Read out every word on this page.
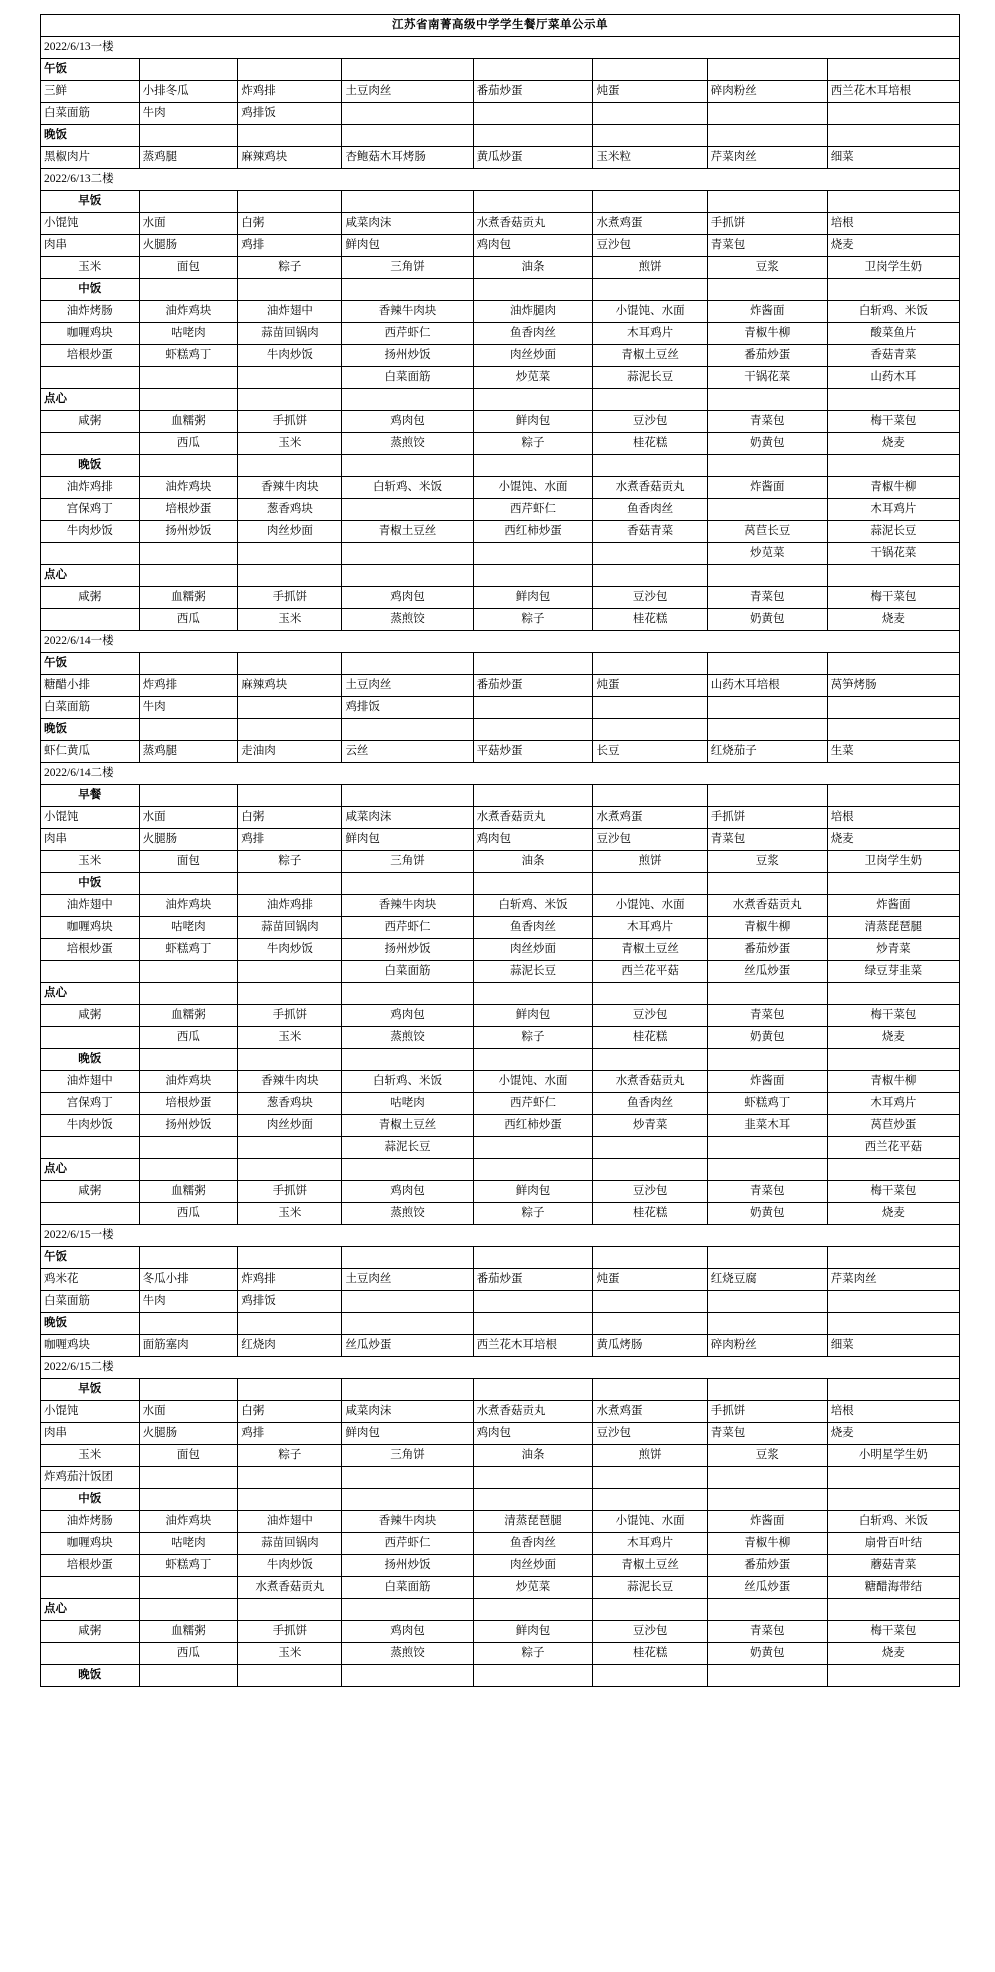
江苏省南菁高级中学学生餐厅菜单公示单							
2022/6/13一楼							
午饭							
三鲜	小排冬瓜	炸鸡排	土豆肉丝	番茄炒蛋	炖蛋	碎肉粉丝	西兰花木耳培根
白菜面筋	牛肉	鸡排饭					
晚饭							
黑椒肉片	蒸鸡腿	麻辣鸡块	杏鲍菇木耳烤肠	黄瓜炒蛋	玉米粒	芹菜肉丝	细菜
2022/6/13二楼							
早饭							
小馄饨	水面	白粥	咸菜肉沫	水煮香菇贡丸	水煮鸡蛋	手抓饼	培根
肉串	火腿肠	鸡排	鲜肉包	鸡肉包	豆沙包	青菜包	烧麦
玉米	面包	粽子	三角饼	油条	煎饼	豆浆	卫岗学生奶
中饭							
油炸烤肠	油炸鸡块	油炸翅中	香辣牛肉块	油炸腿肉	小馄饨、水面	炸酱面	白斩鸡、米饭
咖喱鸡块	咕咾肉	蒜苗回锅肉	西芹虾仁	鱼香肉丝	木耳鸡片	青椒牛柳	酸菜鱼片
培根炒蛋	虾糕鸡丁	牛肉炒饭	扬州炒饭	肉丝炒面	青椒土豆丝	番茄炒蛋	香菇青菜
			白菜面筋	炒苋菜	蒜泥长豆	干锅花菜	山药木耳
点心							
咸粥	血糯粥	手抓饼	鸡肉包	鲜肉包	豆沙包	青菜包	梅干菜包
	西瓜	玉米	蒸煎饺	粽子	桂花糕	奶黄包	烧麦
晚饭							
油炸鸡排	油炸鸡块	香辣牛肉块	白斩鸡、米饭	小馄饨、水面	水煮香菇贡丸	炸酱面	青椒牛柳
宫保鸡丁	培根炒蛋	葱香鸡块		西芹虾仁	鱼香肉丝		木耳鸡片
牛肉炒饭	扬州炒饭	肉丝炒面	青椒土豆丝	西红柿炒蛋	香菇青菜	莴苣长豆	蒜泥长豆
						炒苋菜	干锅花菜
点心							
咸粥	血糯粥	手抓饼	鸡肉包	鲜肉包	豆沙包	青菜包	梅干菜包
	西瓜	玉米	蒸煎饺	粽子	桂花糕	奶黄包	烧麦
2022/6/14一楼							
午饭							
糖醋小排	炸鸡排	麻辣鸡块	土豆肉丝	番茄炒蛋	炖蛋	山药木耳培根	莴笋烤肠
白菜面筋	牛肉		鸡排饭				
晚饭							
虾仁黄瓜	蒸鸡腿	走油肉	云丝	平菇炒蛋	长豆	红烧茄子	生菜
2022/6/14二楼							
早餐							
小馄饨	水面	白粥	咸菜肉沫	水煮香菇贡丸	水煮鸡蛋	手抓饼	培根
肉串	火腿肠	鸡排	鲜肉包	鸡肉包	豆沙包	青菜包	烧麦
玉米	面包	粽子	三角饼	油条	煎饼	豆浆	卫岗学生奶
中饭							
油炸翅中	油炸鸡块	油炸鸡排	香辣牛肉块	白斩鸡、米饭	小馄饨、水面	水煮香菇贡丸	炸酱面
咖喱鸡块	咕咾肉	蒜苗回锅肉	西芹虾仁	鱼香肉丝	木耳鸡片	青椒牛柳	清蒸琵琶腿
培根炒蛋	虾糕鸡丁	牛肉炒饭	扬州炒饭	肉丝炒面	青椒土豆丝	番茄炒蛋	炒青菜
			白菜面筋	蒜泥长豆	西兰花平菇	丝瓜炒蛋	绿豆芽韭菜
点心							
咸粥	血糯粥	手抓饼	鸡肉包	鲜肉包	豆沙包	青菜包	梅干菜包
	西瓜	玉米	蒸煎饺	粽子	桂花糕	奶黄包	烧麦
晚饭							
油炸翅中	油炸鸡块	香辣牛肉块	白斩鸡、米饭	小馄饨、水面	水煮香菇贡丸	炸酱面	青椒牛柳
宫保鸡丁	培根炒蛋	葱香鸡块	咕咾肉	西芹虾仁	鱼香肉丝	虾糕鸡丁	木耳鸡片
牛肉炒饭	扬州炒饭	肉丝炒面	青椒土豆丝	西红柿炒蛋	炒青菜	韭菜木耳	莴苣炒蛋
			蒜泥长豆				西兰花平菇
点心							
咸粥	血糯粥	手抓饼	鸡肉包	鲜肉包	豆沙包	青菜包	梅干菜包
	西瓜	玉米	蒸煎饺	粽子	桂花糕	奶黄包	烧麦
2022/6/15一楼							
午饭							
鸡米花	冬瓜小排	炸鸡排	土豆肉丝	番茄炒蛋	炖蛋	红烧豆腐	芹菜肉丝
白菜面筋	牛肉	鸡排饭					
晚饭							
咖喱鸡块	面筋塞肉	红烧肉	丝瓜炒蛋	西兰花木耳培根	黄瓜烤肠	碎肉粉丝	细菜
2022/6/15二楼							
早饭							
小馄饨	水面	白粥	咸菜肉沫	水煮香菇贡丸	水煮鸡蛋	手抓饼	培根
肉串	火腿肠	鸡排	鲜肉包	鸡肉包	豆沙包	青菜包	烧麦
玉米	面包	粽子	三角饼	油条	煎饼	豆浆	小明星学生奶
炸鸡茄汁饭团							
中饭							
油炸烤肠	油炸鸡块	油炸翅中	香辣牛肉块	清蒸琵琶腿	小馄饨、水面	炸酱面	白斩鸡、米饭
咖喱鸡块	咕咾肉	蒜苗回锅肉	西芹虾仁	鱼香肉丝	木耳鸡片	青椒牛柳	扇骨百叶结
培根炒蛋	虾糕鸡丁	牛肉炒饭	扬州炒饭	肉丝炒面	青椒土豆丝	番茄炒蛋	蘑菇青菜
		水煮香菇贡丸	白菜面筋	炒苋菜	蒜泥长豆	丝瓜炒蛋	糖醋海带结
点心							
咸粥	血糯粥	手抓饼	鸡肉包	鲜肉包	豆沙包	青菜包	梅干菜包
	西瓜	玉米	蒸煎饺	粽子	桂花糕	奶黄包	烧麦
晚饭							
